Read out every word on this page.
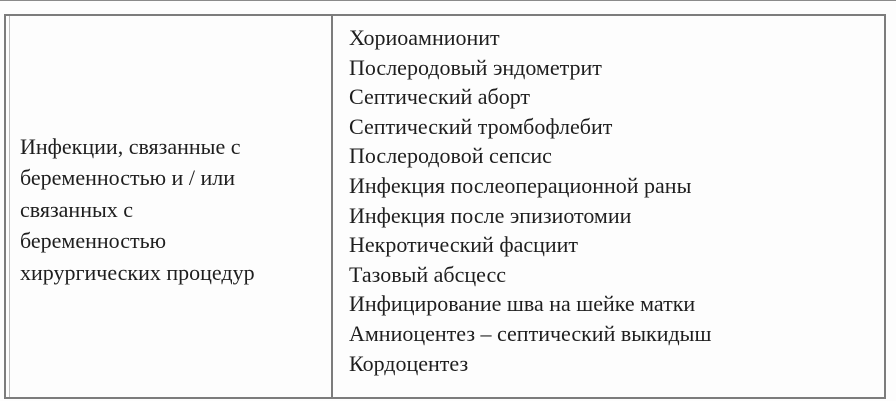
Инфекции, связанные с
беременностью и / или
связанных с
беременностью
хирургических процедур

Хориоамнионит
Послеродовый эндометрит
Септический аборт
Септический тромбофлебит
Послеродовой сепсис
Инфекция послеоперационной раны
Инфекция после эпизиотомии
Некротический фасциит
Тазовый абсцесс
Инфицирование шва на шейке матки
Амниоцентез – септический выкидыш
Кордоцентез
